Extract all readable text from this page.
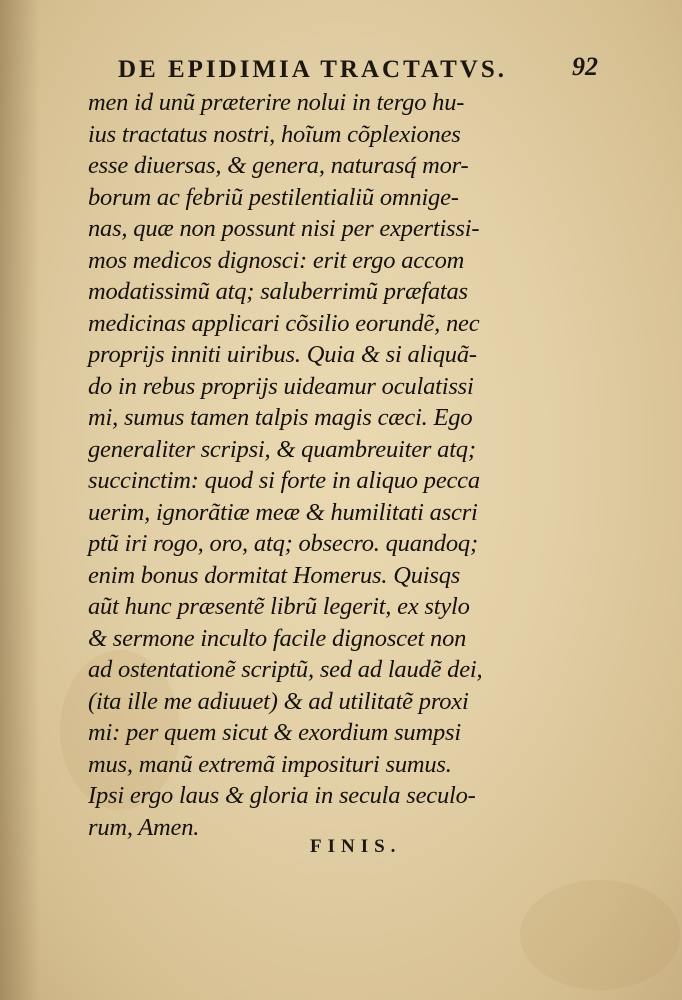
DE EPIDIMIA TRACTATVS.	92
men id unũ præterire nolui in tergo hu-
ius tractatus nostri, hoĩum cõplexiones
esse diuersas, & genera, naturasq́ mor-
borum ac febriũ pestilentialiũ omnige-
nas, quæ non possunt nisi per expertissi-
mos medicos dignosci: erit ergo accom
modatissimũ atq; saluberrimũ præfatas
medicinas applicari cõsilio eorundẽ, nec
proprijs inniti uiribus. Quia & si aliquã-
do in rebus proprijs uideamur oculatissi
mi, sumus tamen talpis magis cæci. Ego
generaliter scripsi, & quambreuiter atq;
succinctim: quod si forte in aliquo pecca
uerim, ignorãtiæ meæ & humilitati ascri
ptũ iri rogo, oro, atq; obsecro. quandoq;
enim bonus dormitat Homerus. Quisqs
aũt hunc præsentẽ librũ legerit, ex stylo
& sermone inculto facile dignoscet non
ad ostentationẽ scriptũ, sed ad laudẽ dei,
(ita ille me adiuuet) & ad utilitatẽ proxi
mi: per quem sicut & exordium sumpsi
mus, manũ extremã imposituri sumus.
Ipsi ergo laus & gloria in secula seculo-
rum, Amen.
FINIS.
